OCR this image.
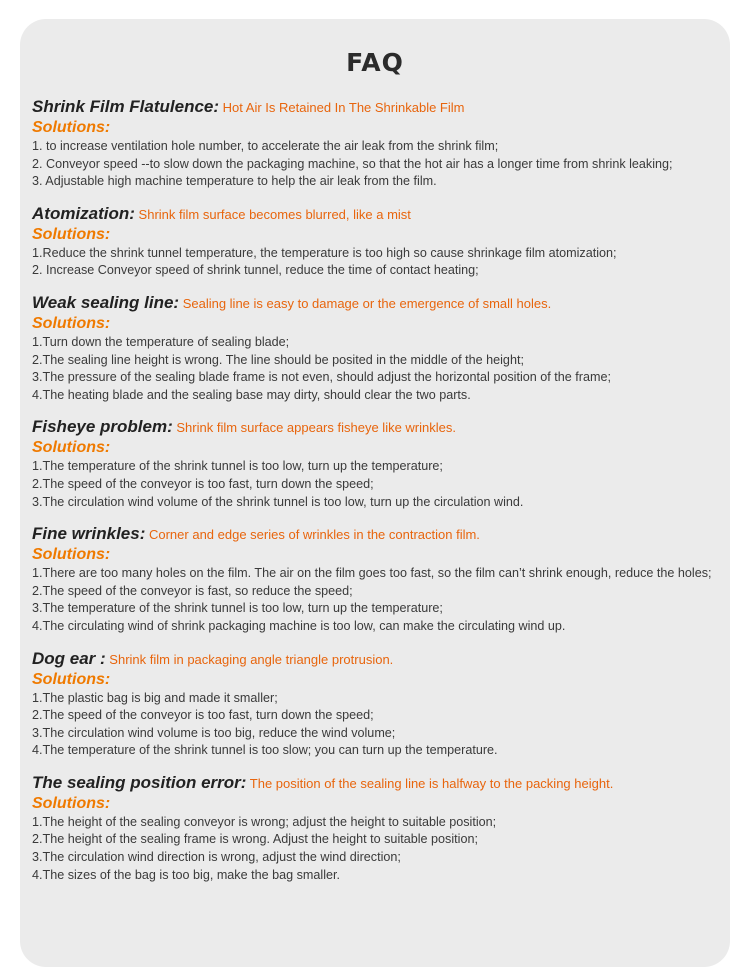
FAQ

Shrink Film Flatulence: Hot Air Is Retained In The Shrinkable Film

Solutions:

1. to increase ventilation hole number, to accelerate the air leak from the shrink film;
2. Conveyor speed --to slow down the packaging machine, so that the hot air has a longer time from shrink leaking;
3. Adjustable high machine temperature to help the air leak from the film.

Atomization: Shrink film surface becomes blurred, like a mist

Solutions:

1.Reduce the shrink tunnel temperature, the temperature is too high so cause shrinkage film atomization;
2. Increase Conveyor speed of shrink tunnel, reduce the time of contact heating;

Weak sealing line: Sealing line is easy to damage or the emergence of small holes.

Solutions:

1.Turn down the temperature of sealing blade;
2.The sealing line height is wrong. The line should be posited in the middle of the height;
3.The pressure of the sealing blade frame is not even, should adjust the horizontal position of the frame;
4.The heating blade and the sealing base may dirty, should clear the two parts.

Fisheye problem: Shrink film surface appears fisheye like wrinkles.

Solutions:

1.The temperature of the shrink tunnel is too low, turn up the temperature;
2.The speed of the conveyor is too fast, turn down the speed;
3.The circulation wind volume of the shrink tunnel is too low, turn up the circulation wind.

Fine wrinkles: Corner and edge series of wrinkles in the contraction film.

Solutions:

1.There are too many holes on the film. The air on the film goes too fast, so the film can’t shrink enough, reduce the holes;
2.The speed of the conveyor is fast, so reduce the speed;
3.The temperature of the shrink tunnel is too low, turn up the temperature;
4.The circulating wind of shrink packaging machine is too low, can make the circulating wind up.

Dog ear : Shrink film in packaging angle triangle protrusion.

Solutions:

1.The plastic bag is big and made it smaller;
2.The speed of the conveyor is too fast, turn down the speed;
3.The circulation wind volume is too big, reduce the wind volume;
4.The temperature of the shrink tunnel is too slow; you can turn up the temperature.

The sealing position error: The position of the sealing line is halfway to the packing height.

Solutions:

1.The height of the sealing conveyor is wrong; adjust the height to suitable position;
2.The height of the sealing frame is wrong. Adjust the height to suitable position;
3.The circulation wind direction is wrong, adjust the wind direction;
4.The sizes of the bag is too big, make the bag smaller.
